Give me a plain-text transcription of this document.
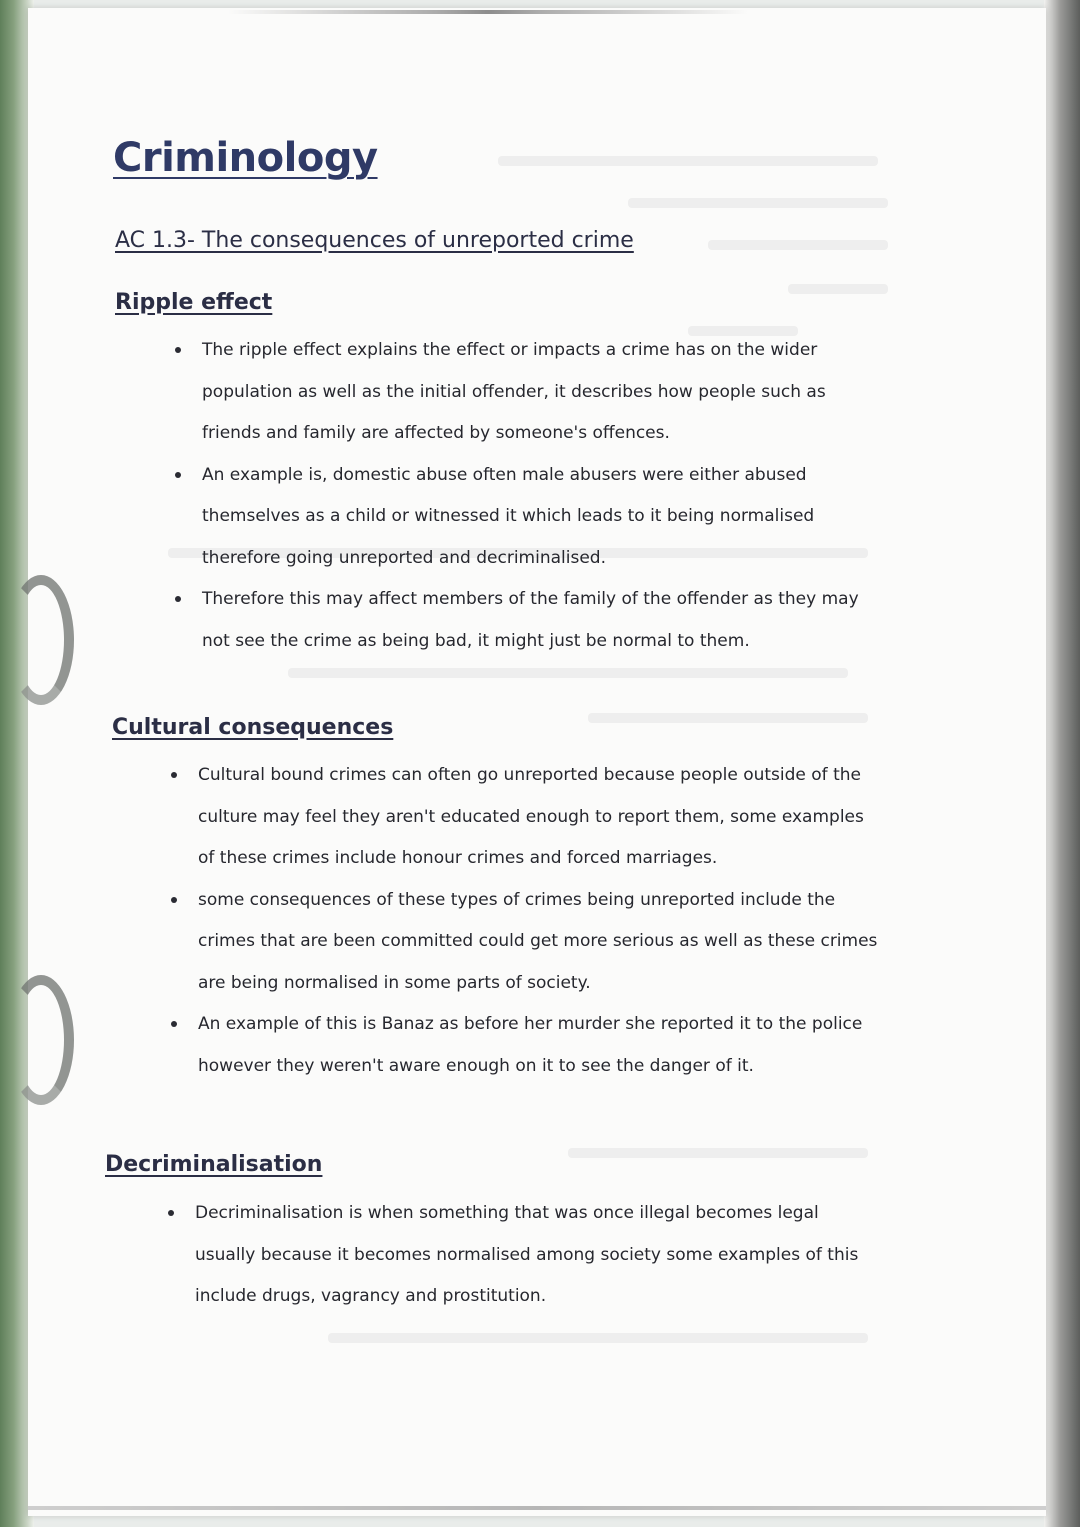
Criminology
AC 1.3- The consequences of unreported crime
Ripple effect
The ripple effect explains the effect or impacts a crime has on the wider population as well as the initial offender, it describes how people such as friends and family are affected by someone's offences.
An example is, domestic abuse often male abusers were either abused themselves as a child or witnessed it which leads to it being normalised therefore going unreported and decriminalised.
Therefore this may affect members of the family of the offender as they may not see the crime as being bad, it might just be normal to them.
Cultural consequences
Cultural bound crimes can often go unreported because people outside of the culture may feel they aren't educated enough to report them, some examples of these crimes include honour crimes and forced marriages.
some consequences of these types of crimes being unreported include the crimes that are been committed could get more serious as well as these crimes are being normalised in some parts of society.
An example of this is Banaz as before her murder she reported it to the police however they weren't aware enough on it to see the danger of it.
Decriminalisation
Decriminalisation is when something that was once illegal becomes legal usually because it becomes normalised among society some examples of this include drugs, vagrancy and prostitution.
